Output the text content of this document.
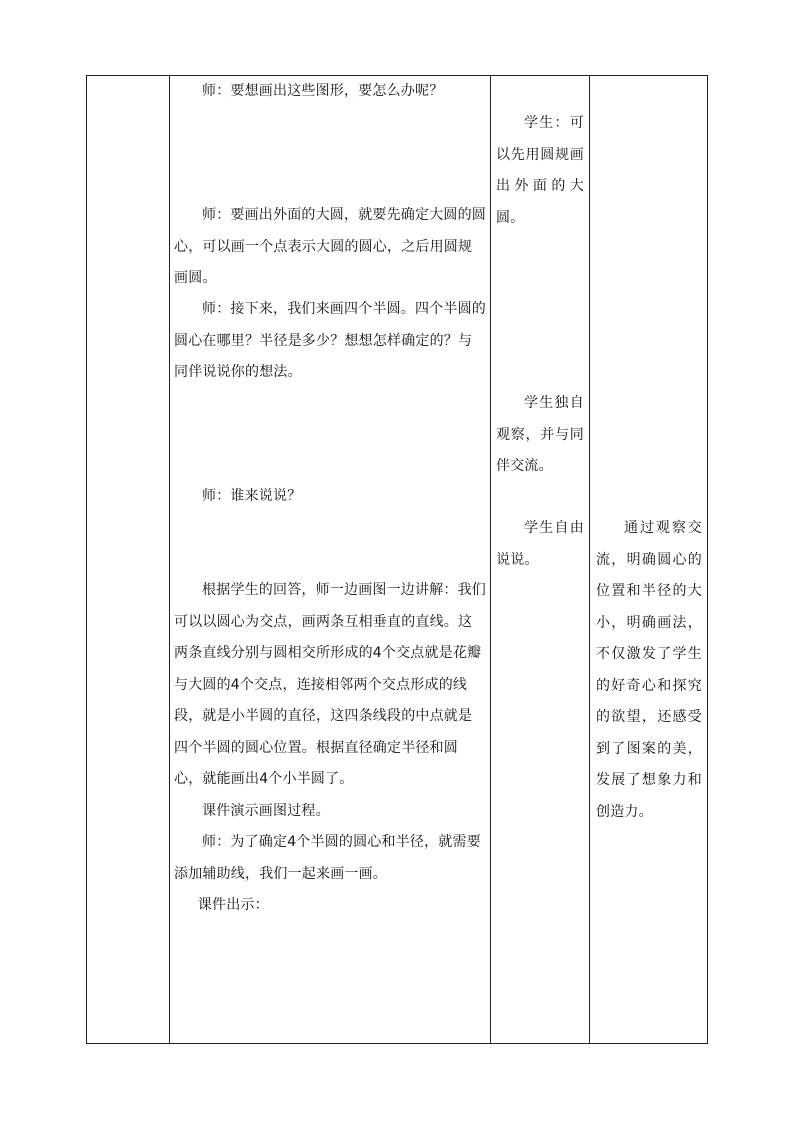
师：要想画出这些图形，要怎么办呢？

师：要画出外面的大圆，就要先确定大圆的圆心，可以画一个点表示大圆的圆心，之后用圆规画圆。

师：接下来，我们来画四个半圆。四个半圆的圆心在哪里？半径是多少？想想怎样确定的？与同伴说说你的想法。

师：谁来说说？

根据学生的回答，师一边画图一边讲解：我们可以以圆心为交点，画两条互相垂直的直线。这两条直线分别与圆相交所形成的4个交点就是花瓣与大圆的4个交点，连接相邻两个交点形成的线段，就是小半圆的直径，这四条线段的中点就是四个半圆的圆心位置。根据直径确定半径和圆心，就能画出4个小半圆了。

课件演示画图过程。

师：为了确定4个半圆的圆心和半径，就需要添加辅助线，我们一起来画一画。

课件出示：

学生：可以先用圆规画出外面的大圆。

学生独自观察，并与同伴交流。

学生自由说说。

通过观察交流，明确圆心的位置和半径的大小，明确画法，不仅激发了学生的好奇心和探究的欲望，还感受到了图案的美，发展了想象力和创造力。
